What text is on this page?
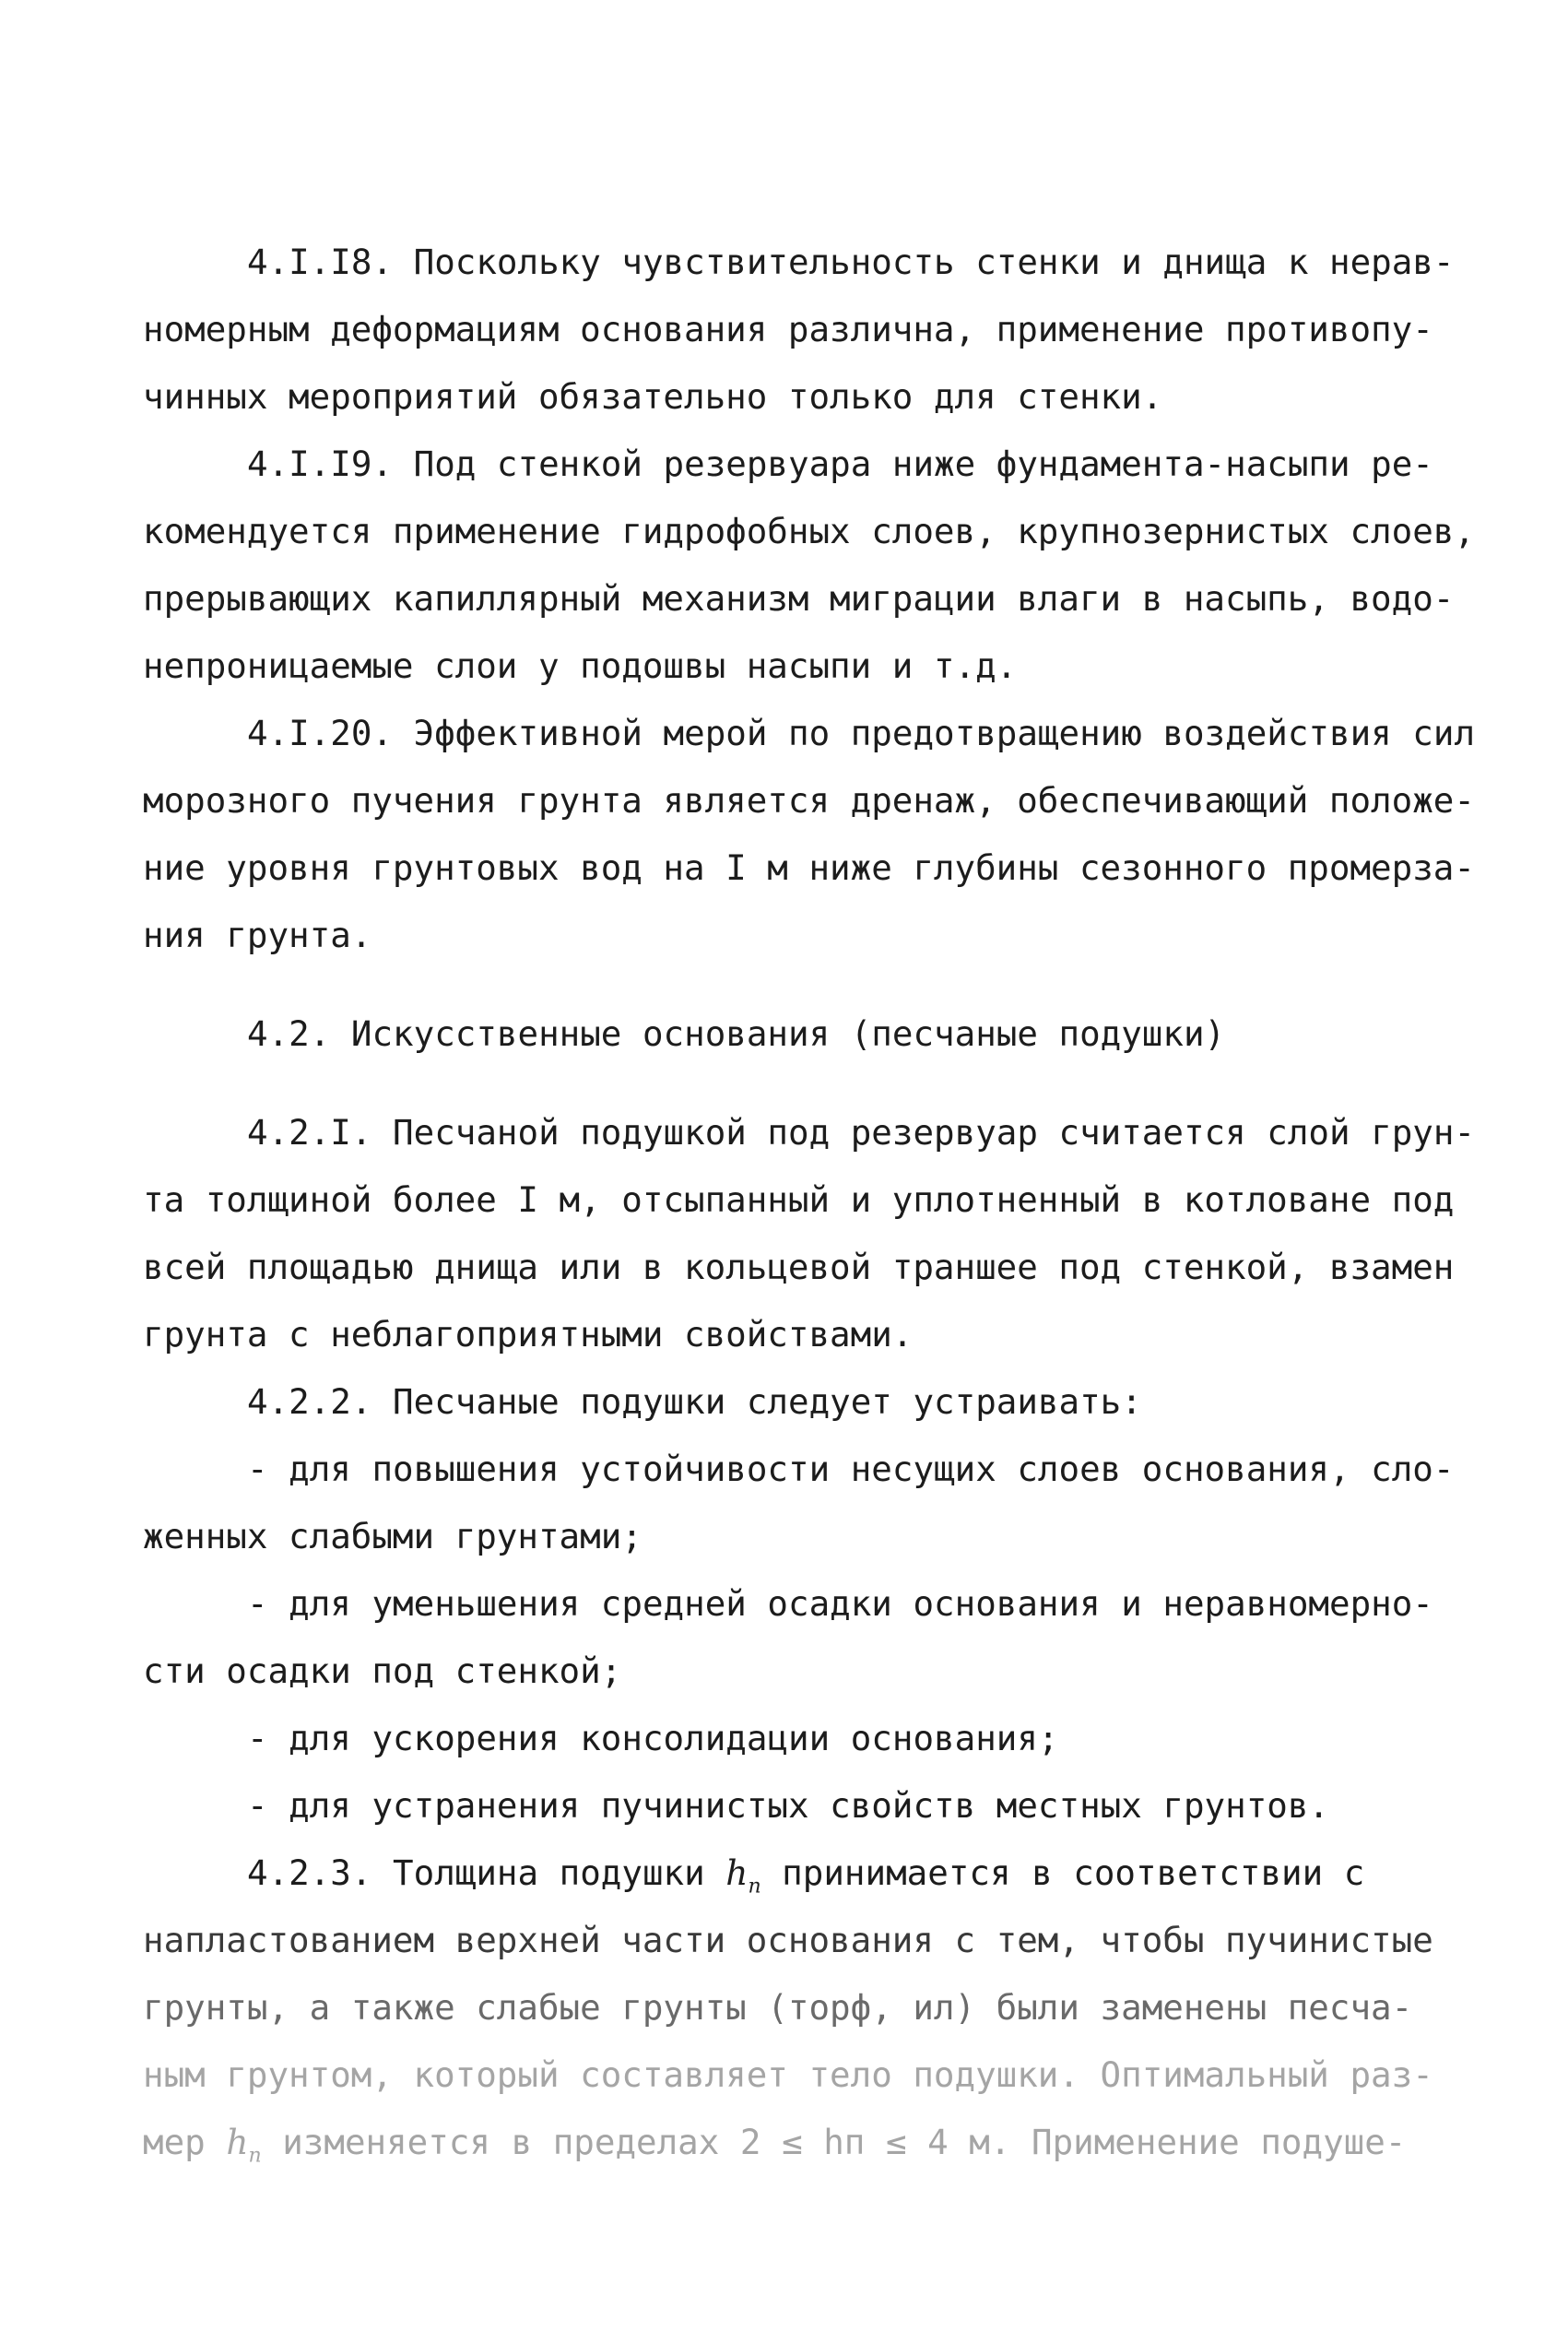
4.I.I8. Поскольку чувствительность стенки и днища к нерав-
номерным деформациям основания различна, применение противопу-
чинных мероприятий обязательно только для стенки.
4.I.I9. Под стенкой резервуара ниже фундамента-насыпи ре-
комендуется применение гидрофобных слоев, крупнозернистых слоев,
прерывающих капиллярный механизм миграции влаги в насыпь, водо-
непроницаемые слои у подошвы насыпи и т.д.
4.I.20. Эффективной мерой по предотвращению воздействия сил
морозного пучения грунта является дренаж, обеспечивающий положе-
ние уровня грунтовых вод на I м ниже глубины сезонного промерза-
ния грунта.
4.2. Искусственные основания (песчаные подушки)
4.2.I. Песчаной подушкой под резервуар считается слой грун-
та толщиной более I м, отсыпанный и уплотненный в котловане под
всей площадью днища или в кольцевой траншее под стенкой, взамен
грунта с неблагоприятными свойствами.
4.2.2. Песчаные подушки следует устраивать:
- для повышения устойчивости несущих слоев основания, сло-
женных слабыми грунтами;
- для уменьшения средней осадки основания и неравномерно-
сти осадки под стенкой;
- для ускорения консолидации основания;
- для устранения пучинистых свойств местных грунтов.
4.2.3. Толщина подушки $h_п$ принимается в соответствии с
напластованием верхней части основания с тем, чтобы пучинистые
грунты, а также слабые грунты (торф, ил) были заменены песча-
ным грунтом, который составляет тело подушки. Оптимальный раз-
мер $h_п$ изменяется в пределах 2 ≤ hп ≤ 4 м. Применение подуше-
